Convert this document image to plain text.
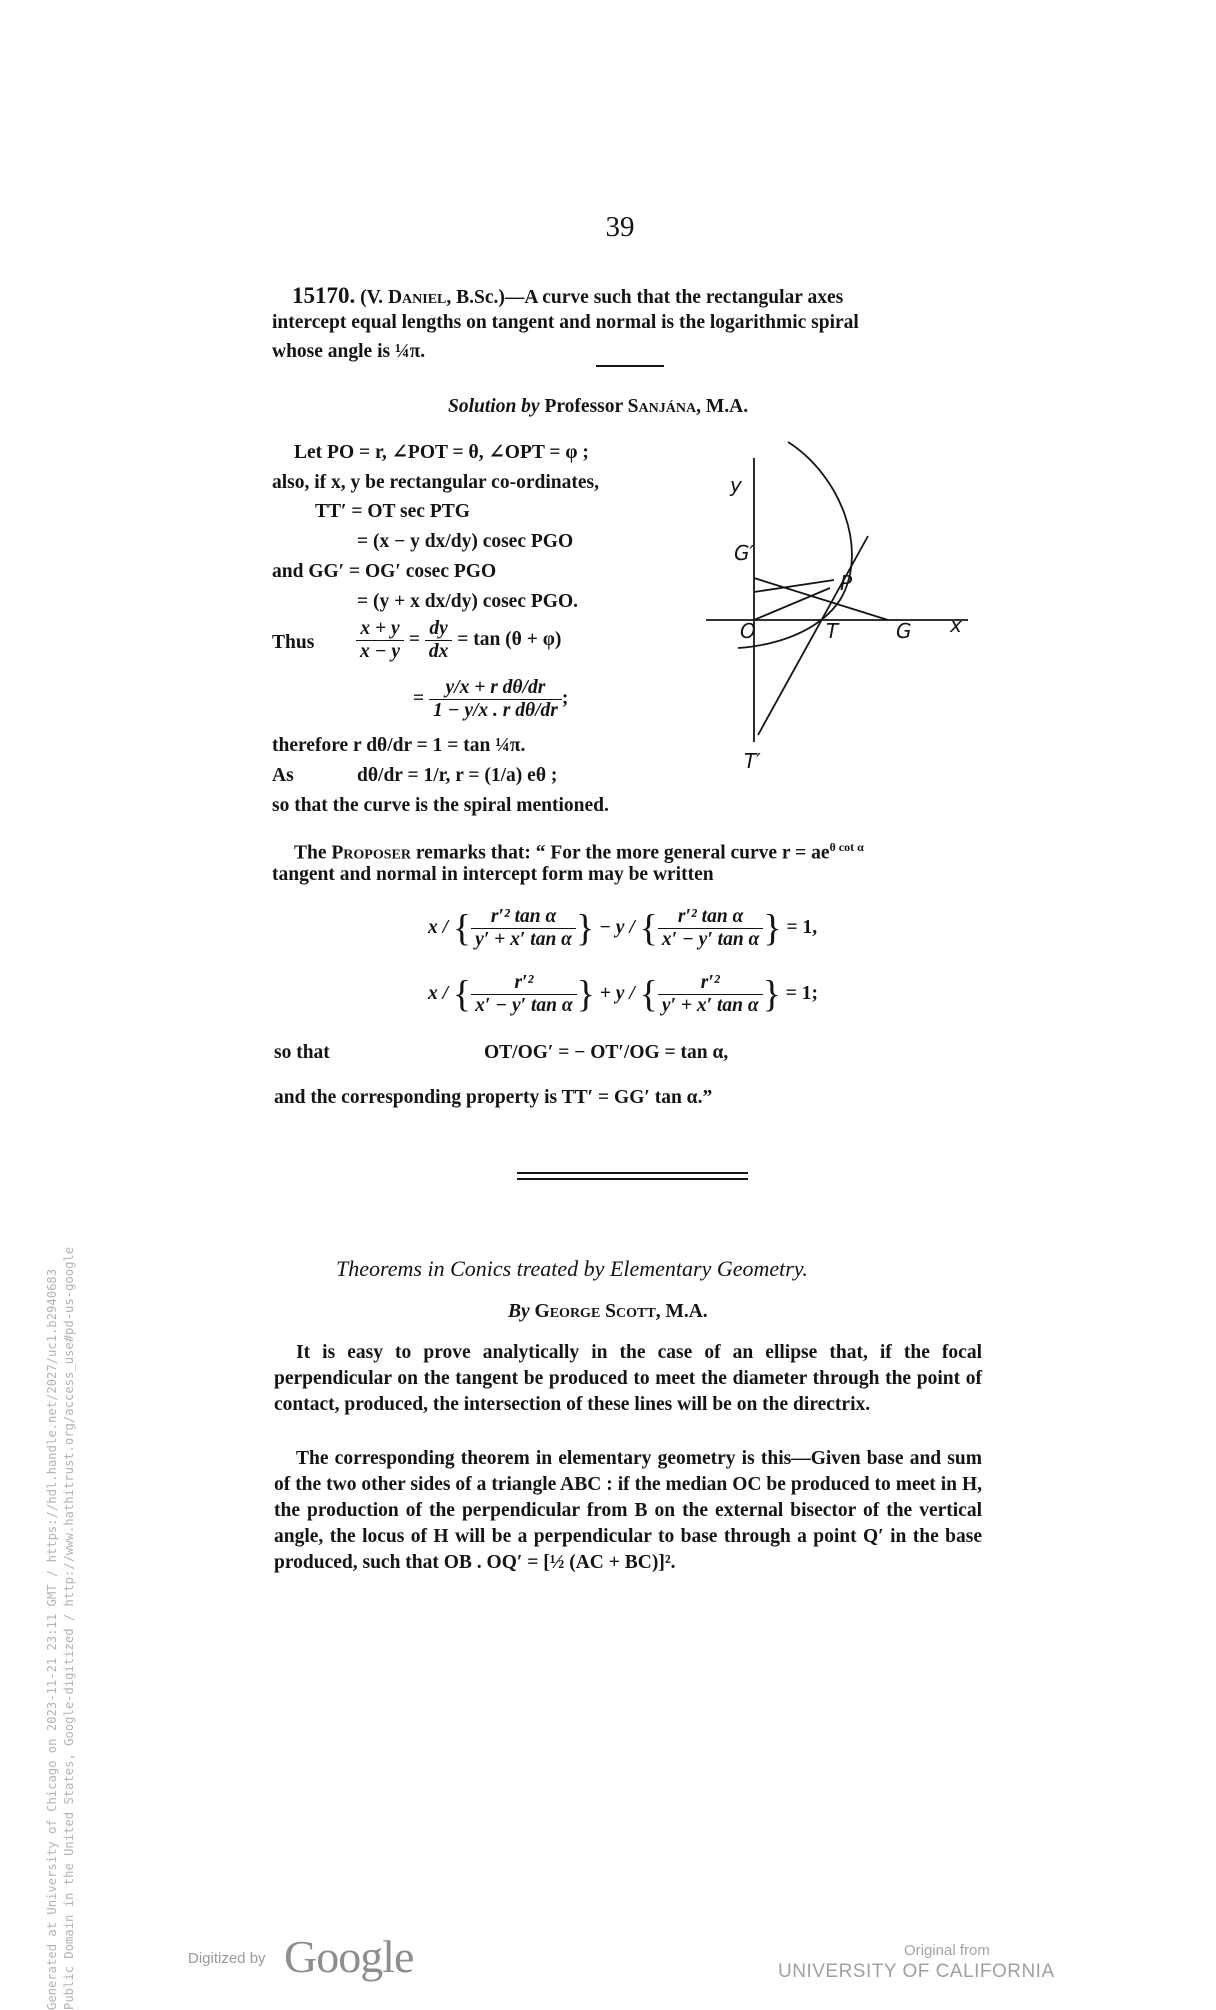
39
Generated at University of Chicago on 2023-11-21 23:11 GMT / https://hdl.handle.net/2027/uc1.b2940683 Public Domain in the United States, Google-digitized / http://www.hathitrust.org/access_use#pd-us-google
15170. (V. Daniel, B.Sc.)—A curve such that the rectangular axes
intercept equal lengths on tangent and normal is the logarithmic spiral
whose angle is ¼π.
Solution by Professor Sanjána, M.A.
Let PO = r, ∠POT = θ, ∠OPT = φ ;
also, if x, y be rectangular co-ordinates,
TT′ = OT sec PTG
= (x − y dx/dy) cosec PGO
and GG′ = OG′ cosec PGO
= (y + x dx/dy) cosec PGO.
Thus $\frac{x + y}{x - y} = \frac{dy}{dx} = \tan (\theta + \varphi)$
= $\frac{\text{y/x + r dθ/dr}}{\text{1 − y/x . r dθ/dr}}$ ;
therefore r dθ/dr = 1 = tan ¼π.
As	dθ/dr = 1/r, r = (1/a) eθ ;
so that the curve is the spiral mentioned.
y
G′
P
O	T	G x
T′
The Proposer remarks that: “ For the more general curve $r = ae^{\theta cot \alpha}$
tangent and normal in intercept form may be written
x / { $\frac{\text{r′² tan α}}{\text{y′ + x′ tan α}}$ } − y / { $\frac{\text{r′² tan α}}{\text{x′ − y′ tan α}}$ } = 1,
x / { $\frac{\text{r′²}}{\text{x′ − y′ tan α}}$ } + y / { $\frac{\text{r′²}}{\text{y′ + x′ tan α}}$ } = 1;
so that	OT/OG′ = − OT′/OG = tan α,
and the corresponding property is TT′ = GG′ tan α.”
Theorems in Conics treated by Elementary Geometry.
By George Scott, M.A.
It is easy to prove analytically in the case of an ellipse that, if the focal perpendicular on the tangent be produced to meet the diameter through the point of contact, produced, the intersection of these lines will be on the directrix.
The corresponding theorem in elementary geometry is this—Given base and sum of the two other sides of a triangle ABC : if the median OC be produced to meet in H, the production of the perpendicular from B on the external bisector of the vertical angle, the locus of H will be a perpendicular to base through a point Q′ in the base produced, such that OB . OQ′ = [½ (AC + BC)]².
Digitized by Google	Original from
UNIVERSITY OF CALIFORNIA
